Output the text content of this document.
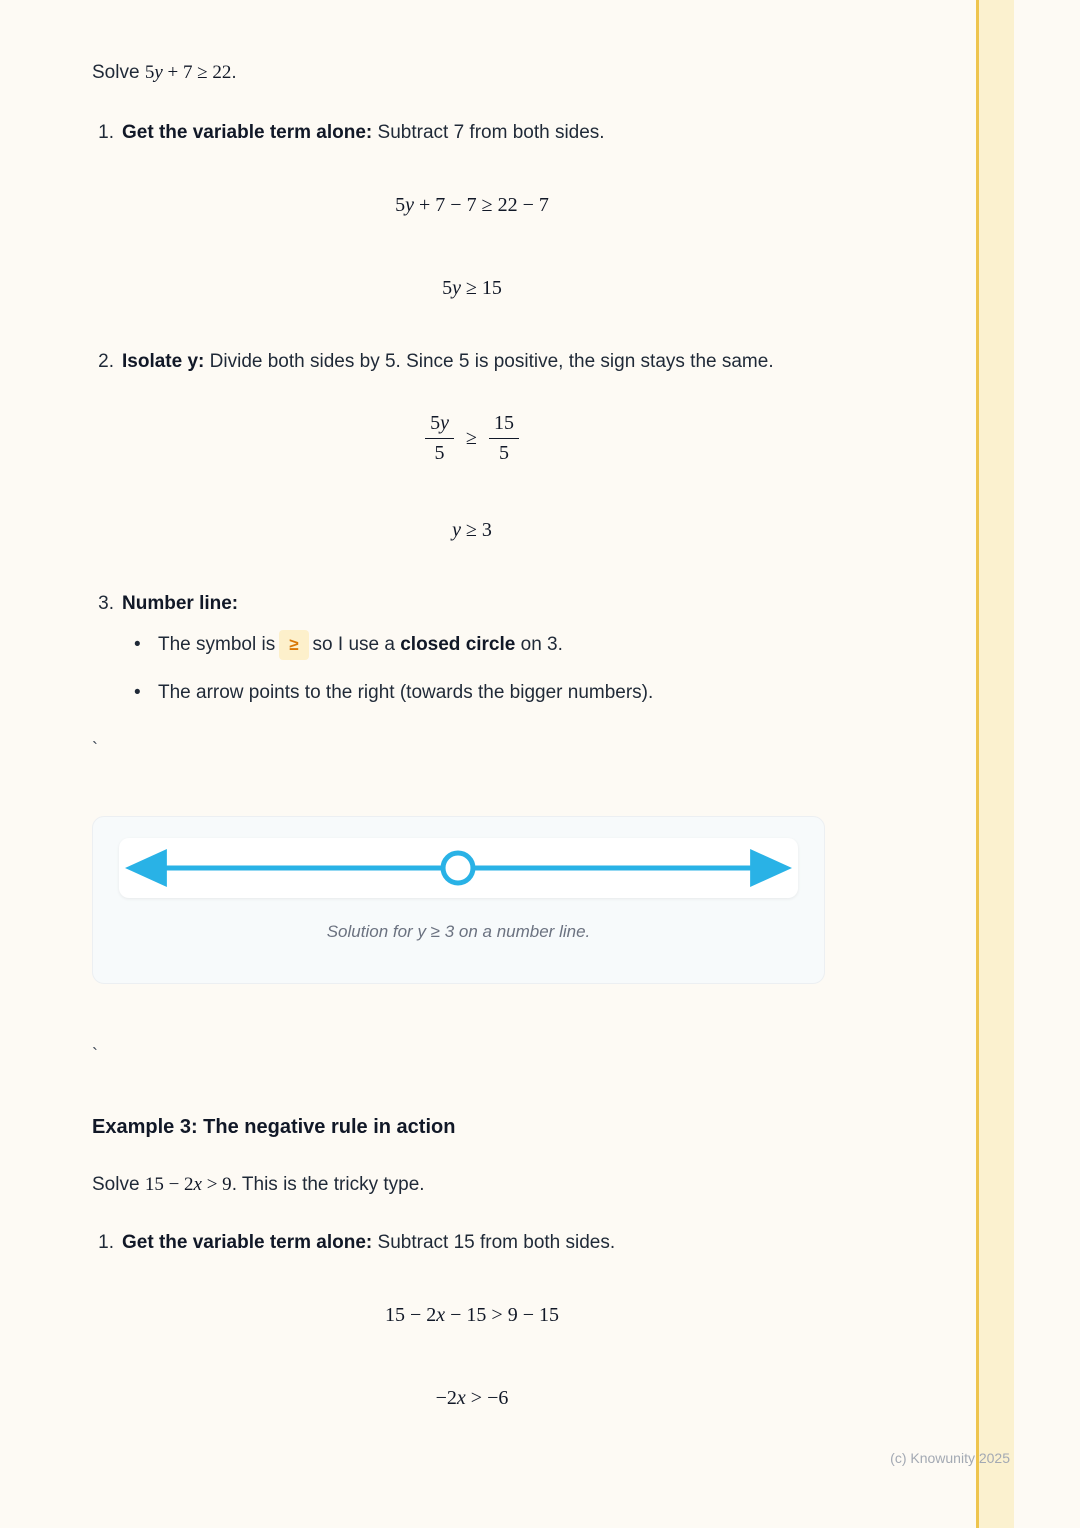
Solve 5y + 7 ≥ 22.

1. Get the variable term alone: Subtract 7 from both sides.
5y + 7 − 7 ≥ 22 − 7
5y ≥ 15
2. Isolate y: Divide both sides by 5. Since 5 is positive, the sign stays the same.
$\frac{5y}{5} \ge \frac{15}{5}$
y ≥ 3
3. Number line:
• The symbol is ≥ so I use a closed circle on 3.
• The arrow points to the right (towards the bigger numbers).

`

Solution for y ≥ 3 on a number line.

`

Example 3: The negative rule in action

Solve 15 − 2x > 9. This is the tricky type.

1. Get the variable term alone: Subtract 15 from both sides.
15 − 2x − 15 > 9 − 15
−2x > −6
(c) Knowunity 2025
